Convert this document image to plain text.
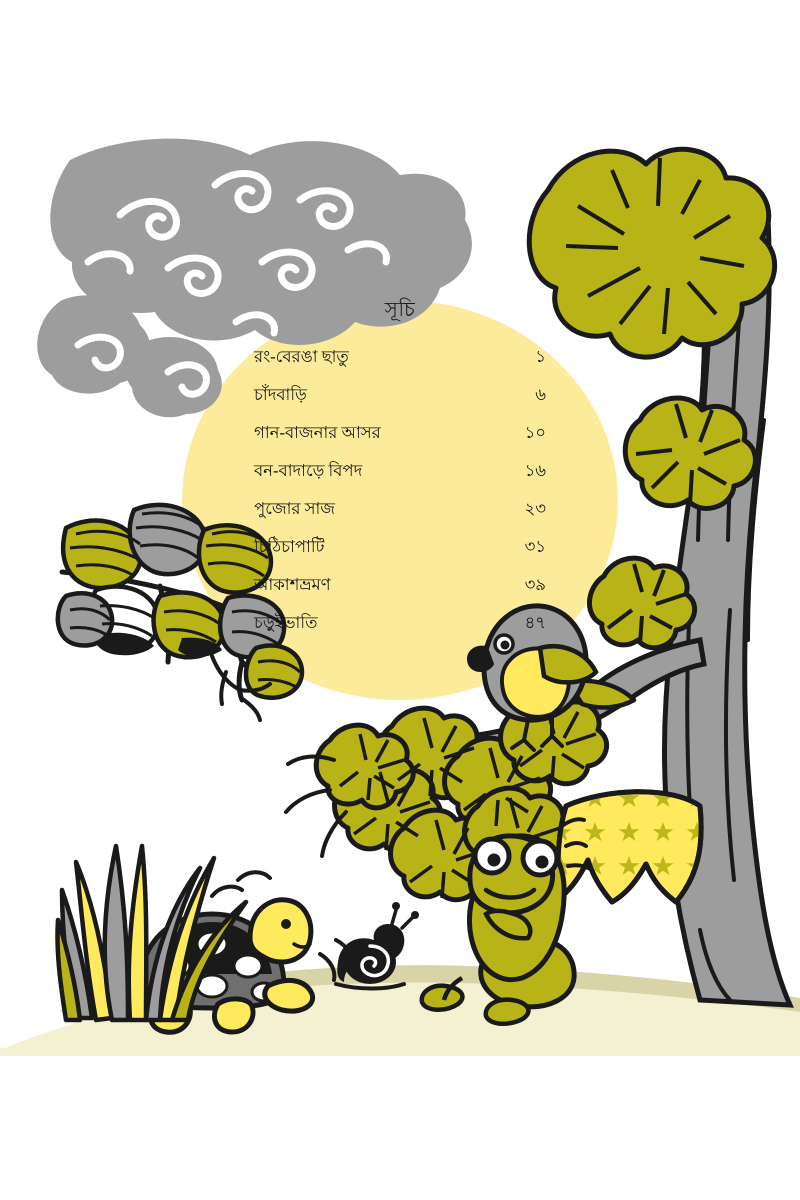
সূচি
রং-বেরঙা ছাতু	১
চাঁদবাড়ি	৬
গান-বাজনার আসর	১০
বন-বাদাড়ে বিপদ	১৬
পুজোর সাজ	২৩
চিঠিচাপাটি	৩১
আকাশভ্রমণ	৩৯
চড়ুইভাতি	৪৭
